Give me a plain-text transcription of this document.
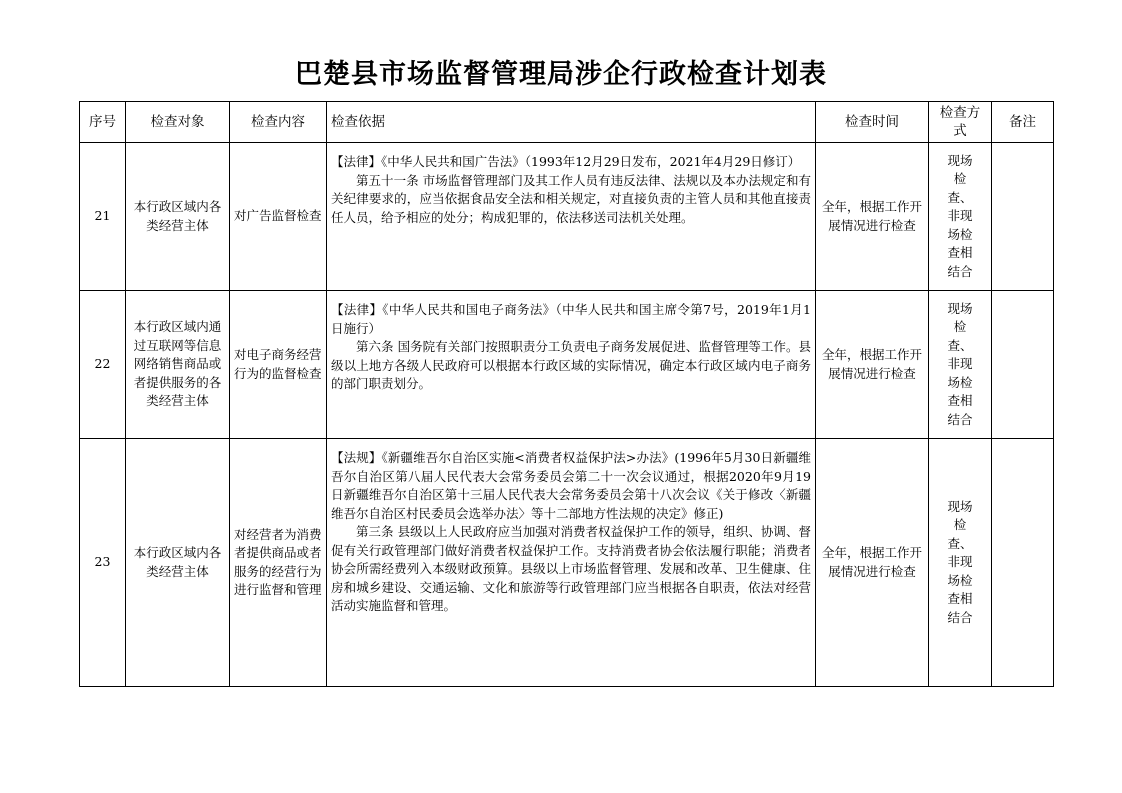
巴楚县市场监督管理局涉企行政检查计划表
序号	检查对象	检查内容	检查依据	检查时间	检查方式	备注
21	本行政区域内各类经营主体	对广告监督检查	【法律】《中华人民共和国广告法》（1993年12月29日发布，2021年4月29日修订）
第五十一条 市场监督管理部门及其工作人员有违反法律、法规以及本办法规定和有关纪律要求的，应当依据食品安全法和相关规定，对直接负责的主管人员和其他直接责任人员，给予相应的处分；构成犯罪的，依法移送司法机关处理。	全年，根据工作开展情况进行检查	现场检查、非现场检查相结合	
22	本行政区域内通过互联网等信息网络销售商品或者提供服务的各类经营主体	对电子商务经营行为的监督检查	【法律】《中华人民共和国电子商务法》（中华人民共和国主席令第7号，2019年1月1日施行）
第六条 国务院有关部门按照职责分工负责电子商务发展促进、监督管理等工作。县级以上地方各级人民政府可以根据本行政区域的实际情况，确定本行政区域内电子商务的部门职责划分。	全年，根据工作开展情况进行检查	现场检查、非现场检查相结合	
23	本行政区域内各类经营主体	对经营者为消费者提供商品或者服务的经营行为进行监督和管理	【法规】《新疆维吾尔自治区实施<消费者权益保护法>办法》(1996年5月30日新疆维吾尔自治区第八届人民代表大会常务委员会第二十一次会议通过，根据2020年9月19日新疆维吾尔自治区第十三届人民代表大会常务委员会第十八次会议《关于修改〈新疆维吾尔自治区村民委员会选举办法〉等十二部地方性法规的决定》修正)
第三条 县级以上人民政府应当加强对消费者权益保护工作的领导，组织、协调、督促有关行政管理部门做好消费者权益保护工作。支持消费者协会依法履行职能；消费者协会所需经费列入本级财政预算。县级以上市场监督管理、发展和改革、卫生健康、住房和城乡建设、交通运输、文化和旅游等行政管理部门应当根据各自职责，依法对经营活动实施监督和管理。	全年，根据工作开展情况进行检查	现场检查、非现场检查相结合	
